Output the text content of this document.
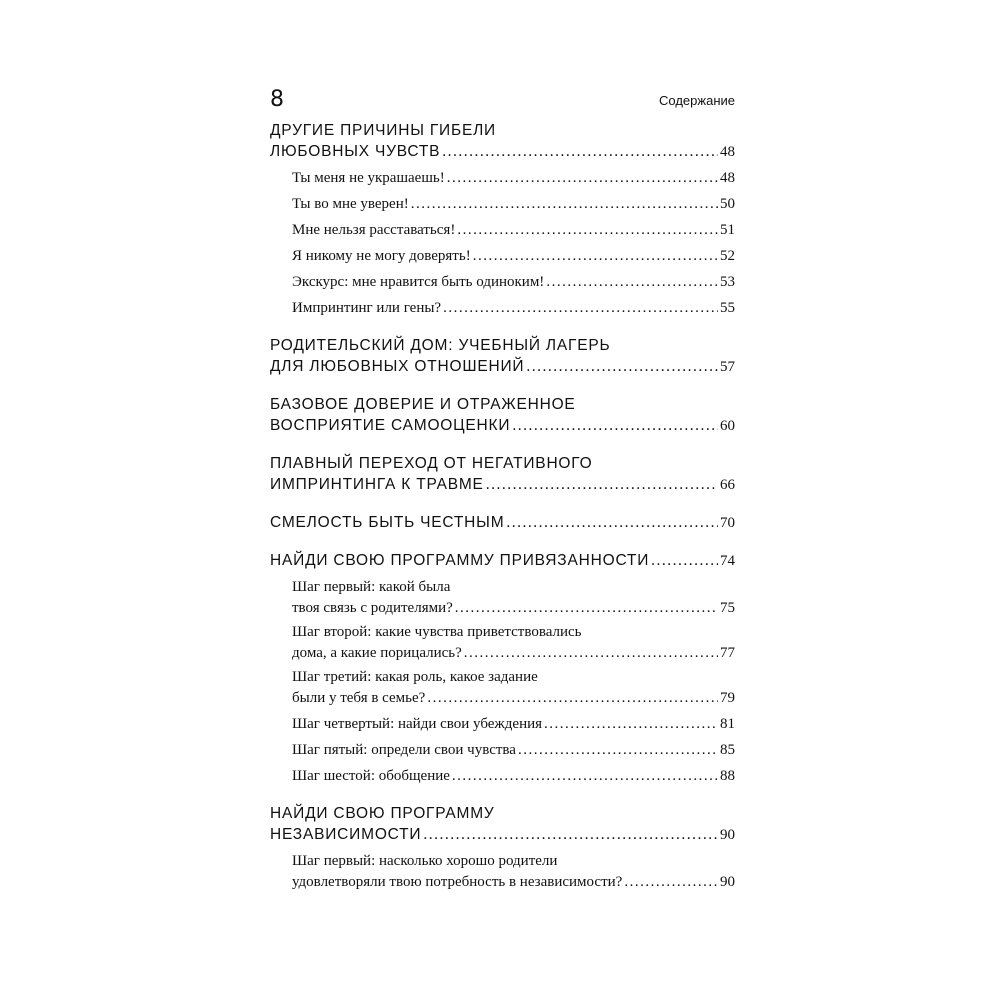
8	Содержание
ДРУГИЕ ПРИЧИНЫ ГИБЕЛИ
ЛЮБОВНЫХ ЧУВСТВ .....	48
Ты меня не украшаешь! .....	48
Ты во мне уверен! .....	50
Мне нельзя расставаться! .....	51
Я никому не могу доверять! .....	52
Экскурс: мне нравится быть одиноким! .....	53
Импринтинг или гены? .....	55
РОДИТЕЛЬСКИЙ ДОМ: УЧЕБНЫЙ ЛАГЕРЬ
ДЛЯ ЛЮБОВНЫХ ОТНОШЕНИЙ .....	57
БАЗОВОЕ ДОВЕРИЕ И ОТРАЖЕННОЕ
ВОСПРИЯТИЕ САМООЦЕНКИ .....	60
ПЛАВНЫЙ ПЕРЕХОД ОТ НЕГАТИВНОГО
ИМПРИНТИНГА К ТРАВМЕ .....	66
СМЕЛОСТЬ БЫТЬ ЧЕСТНЫМ .....	70
НАЙДИ СВОЮ ПРОГРАММУ ПРИВЯЗАННОСТИ .....	74
Шаг первый: какой была
твоя связь с родителями? .....	75
Шаг второй: какие чувства приветствовались
дома, а какие порицались? .....	77
Шаг третий: какая роль, какое задание
были у тебя в семье? .....	79
Шаг четвертый: найди свои убеждения .....	81
Шаг пятый: определи свои чувства .....	85
Шаг шестой: обобщение .....	88
НАЙДИ СВОЮ ПРОГРАММУ
НЕЗАВИСИМОСТИ .....	90
Шаг первый: насколько хорошо родители
удовлетворяли твою потребность в независимости? .....	90
